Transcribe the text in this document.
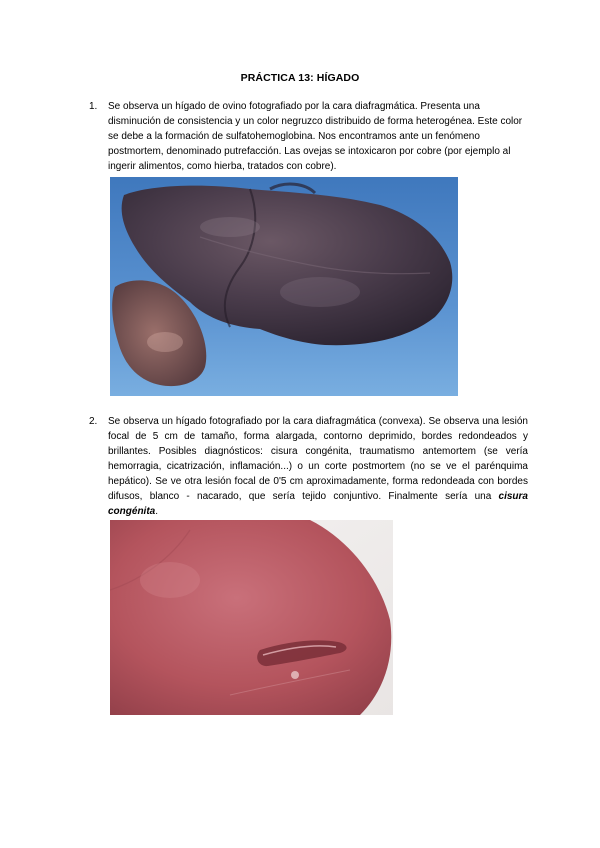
PRÁCTICA 13: HÍGADO
1. Se observa un hígado de ovino fotografiado por la cara diafragmática. Presenta una disminución de consistencia y un color negruzco distribuido de forma heterogénea. Este color se debe a la formación de sulfatohemoglobina. Nos encontramos ante un fenómeno postmortem, denominado putrefacción. Las ovejas se intoxicaron por cobre (por ejemplo al ingerir alimentos, como hierba, tratados con cobre).
2. Se observa un hígado fotografiado por la cara diafragmática (convexa). Se observa una lesión focal de 5 cm de tamaño, forma alargada, contorno deprimido, bordes redondeados y brillantes. Posibles diagnósticos: cisura congénita, traumatismo antemortem (se vería hemorragia, cicatrización, inflamación...) o un corte postmortem (no se ve el parénquima hepático). Se ve otra lesión focal de 0'5 cm aproximadamente, forma redondeada con bordes difusos, blanco - nacarado, que sería tejido conjuntivo. Finalmente sería una cisura congénita.
